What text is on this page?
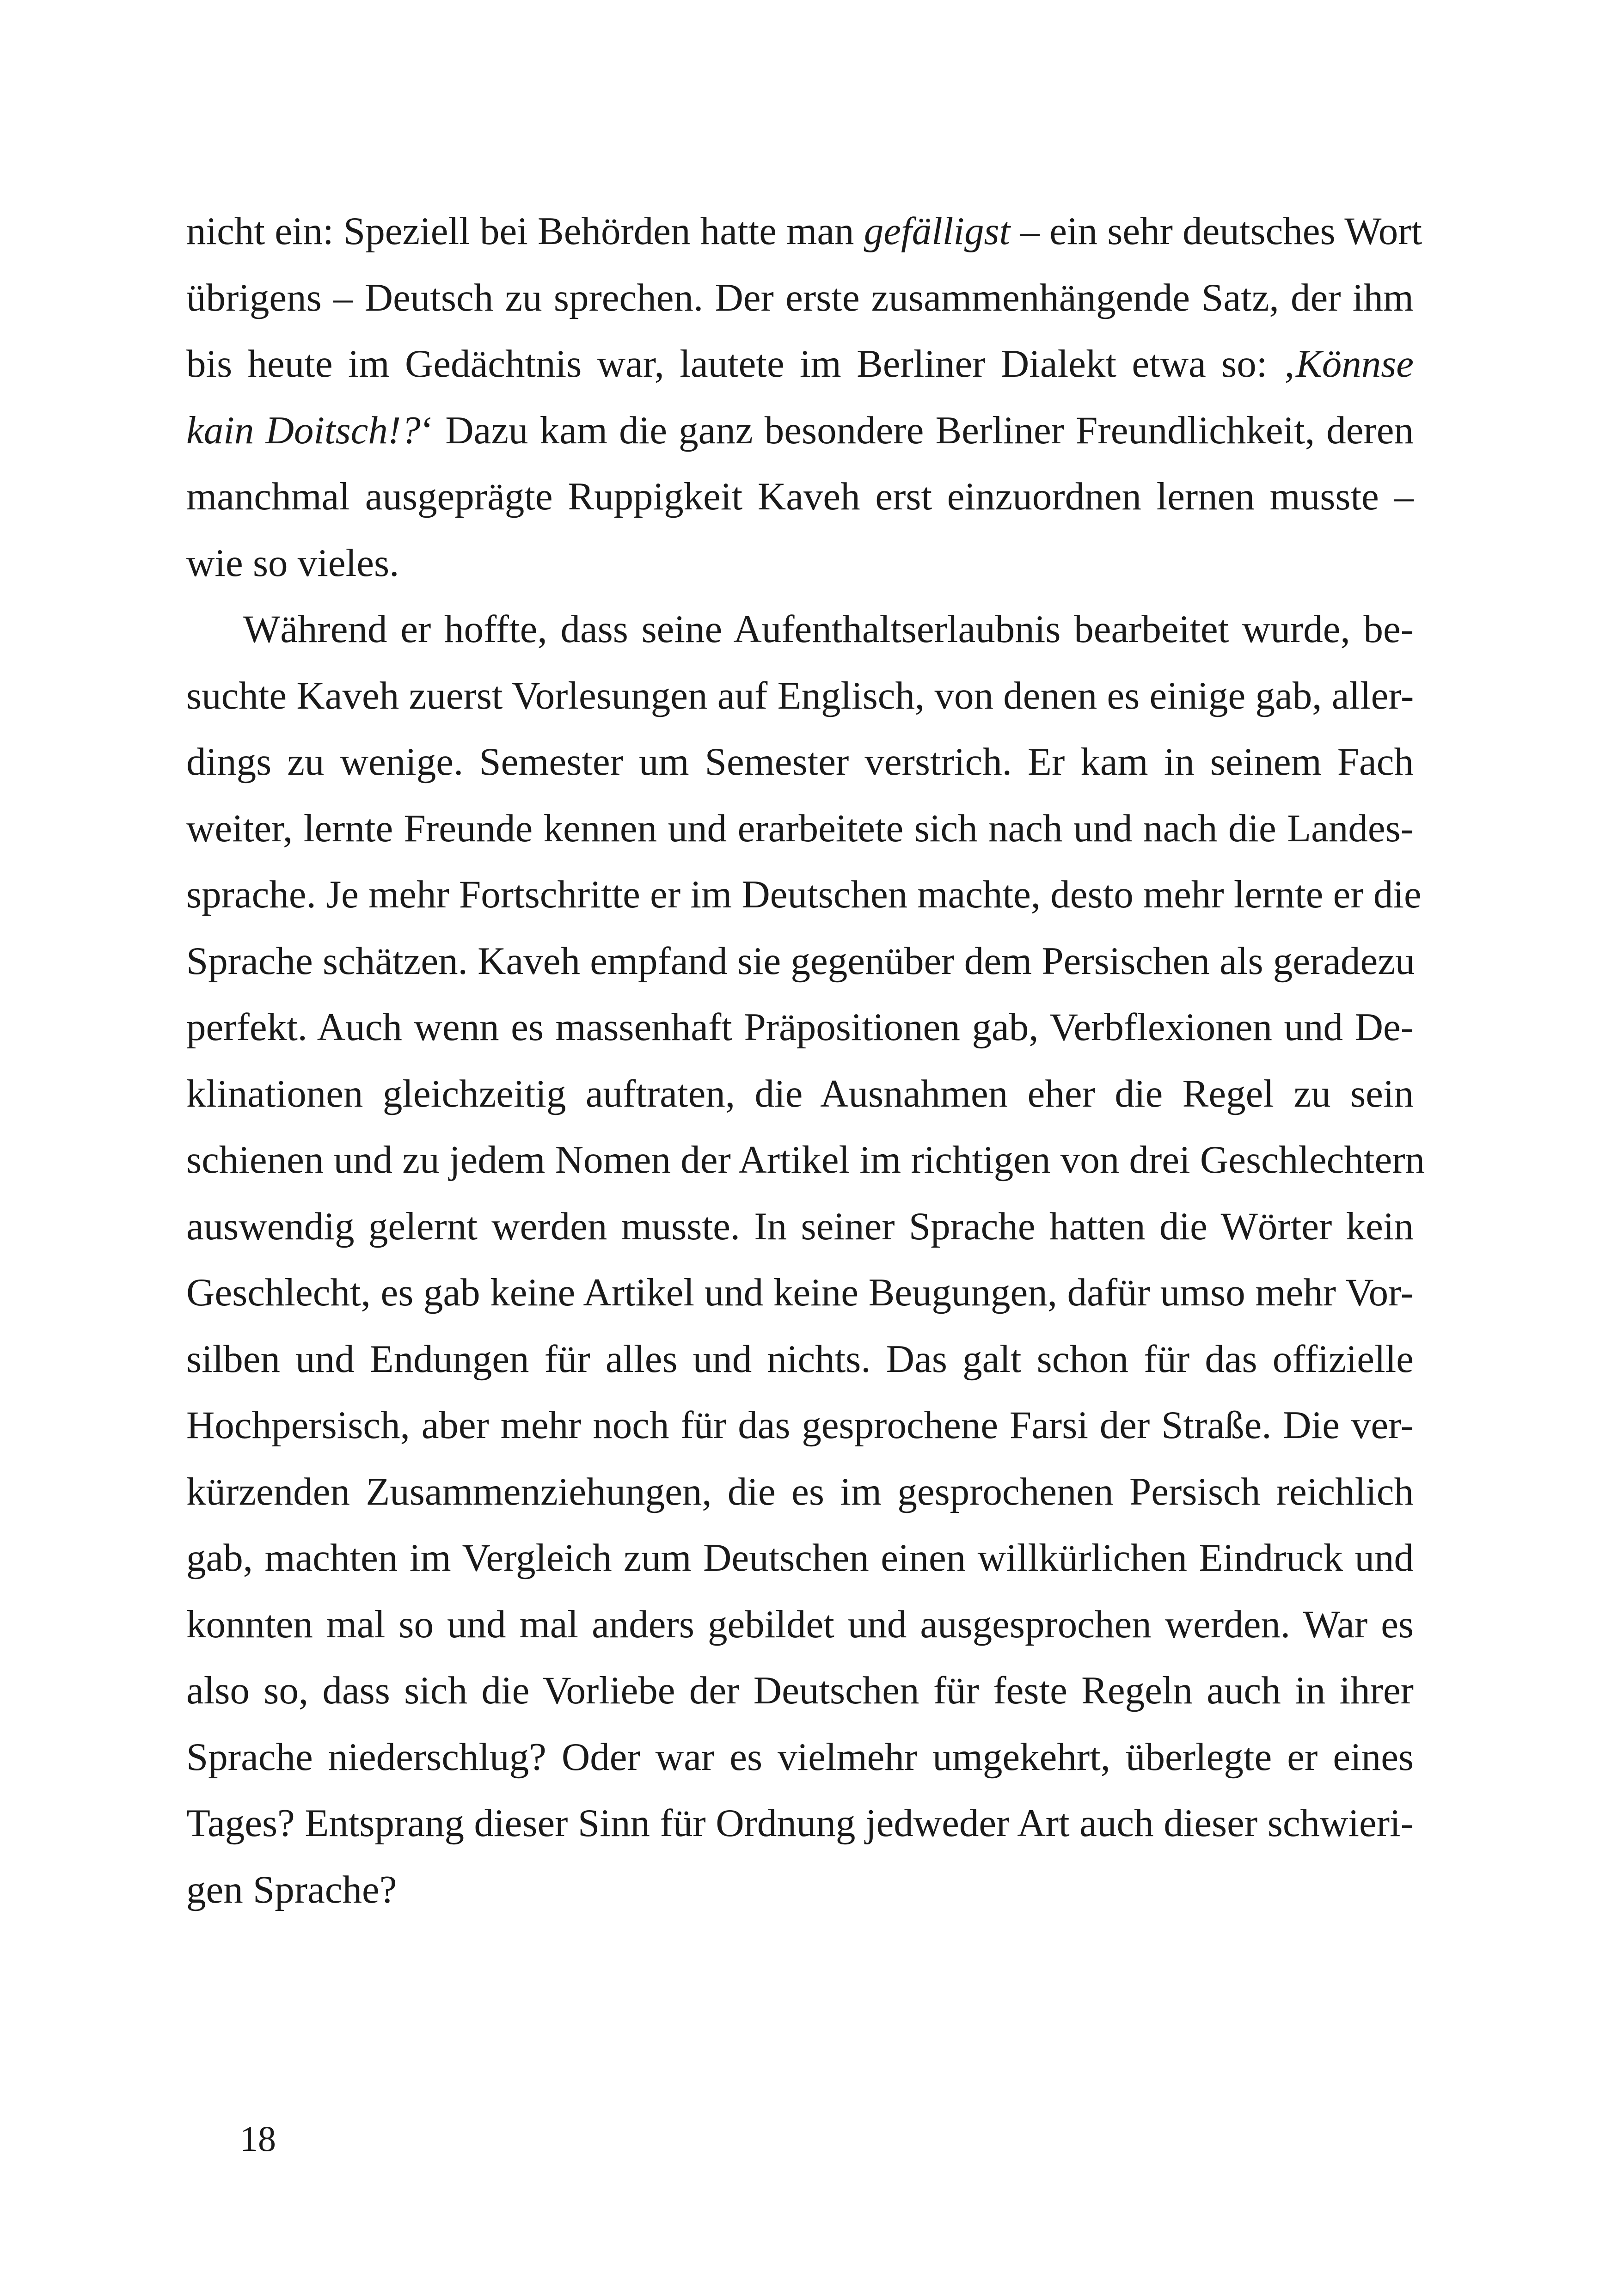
nicht ein: Speziell bei Behörden hatte man gefälligst – ein sehr deutsches Wort
übrigens – Deutsch zu sprechen. Der erste zusammenhängende Satz, der ihm
bis heute im Gedächtnis war, lautete im Berliner Dialekt etwa so: ‚Könnse
kain Doitsch!?‘ Dazu kam die ganz besondere Berliner Freundlichkeit, deren
manchmal ausgeprägte Ruppigkeit Kaveh erst einzuordnen lernen musste –
wie so vieles.
Während er hoffte, dass seine Aufenthaltserlaubnis bearbeitet wurde, be-
suchte Kaveh zuerst Vorlesungen auf Englisch, von denen es einige gab, aller-
dings zu wenige. Semester um Semester verstrich. Er kam in seinem Fach
weiter, lernte Freunde kennen und erarbeitete sich nach und nach die Landes-
sprache. Je mehr Fortschritte er im Deutschen machte, desto mehr lernte er die
Sprache schätzen. Kaveh empfand sie gegenüber dem Persischen als geradezu
perfekt. Auch wenn es massenhaft Präpositionen gab, Verbflexionen und De-
klinationen gleichzeitig auftraten, die Ausnahmen eher die Regel zu sein
schienen und zu jedem Nomen der Artikel im richtigen von drei Geschlechtern
auswendig gelernt werden musste. In seiner Sprache hatten die Wörter kein
Geschlecht, es gab keine Artikel und keine Beugungen, dafür umso mehr Vor-
silben und Endungen für alles und nichts. Das galt schon für das offizielle
Hochpersisch, aber mehr noch für das gesprochene Farsi der Straße. Die ver-
kürzenden Zusammenziehungen, die es im gesprochenen Persisch reichlich
gab, machten im Vergleich zum Deutschen einen willkürlichen Eindruck und
konnten mal so und mal anders gebildet und ausgesprochen werden. War es
also so, dass sich die Vorliebe der Deutschen für feste Regeln auch in ihrer
Sprache niederschlug? Oder war es vielmehr umgekehrt, überlegte er eines
Tages? Entsprang dieser Sinn für Ordnung jedweder Art auch dieser schwieri-
gen Sprache?
18
